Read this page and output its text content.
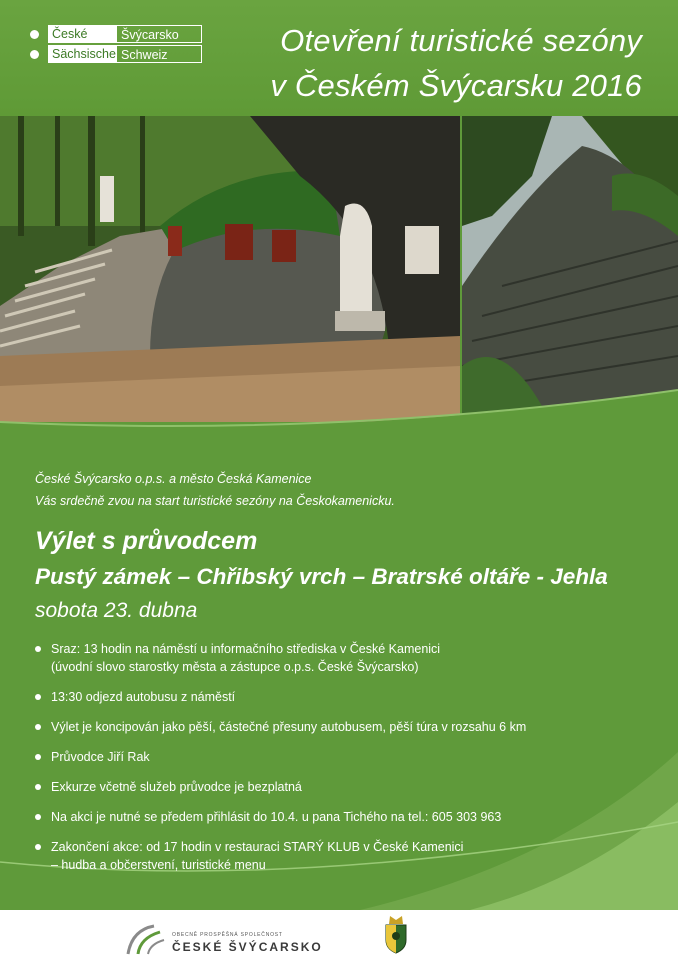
České	Švýcarsko
Sächsische Schweiz	Otevření turistické sezóny
v Českém Švýcarsku 2016
České Švýcarsko o.p.s. a město Česká Kamenice
Vás srdečně zvou na start turistické sezóny na Českokamenicku.
Výlet s průvodcem
Pustý zámek – Chřibský vrch – Bratrské oltáře - Jehla
sobota 23. dubna
Sraz: 13 hodin na náměstí u informačního střediska v České Kamenici
(úvodní slovo starostky města a zástupce o.p.s. České Švýcarsko)
13:30 odjezd autobusu z náměstí
Výlet je koncipován jako pěší, částečné přesuny autobusem, pěší túra v rozsahu 6 km
Průvodce Jiří Rak
Exkurze včetně služeb průvodce je bezplatná
Na akci je nutné se předem přihlásit do 10.4. u pana Tichého na tel.: 605 303 963
Zakončení akce: od 17 hodin v restauraci STARÝ KLUB v České Kamenici
– hudba a občerstvení, turistické menu
OBECNĚ PROSPĚŠNÁ SPOLEČNOST
ČESKÉ ŠVÝCARSKO
